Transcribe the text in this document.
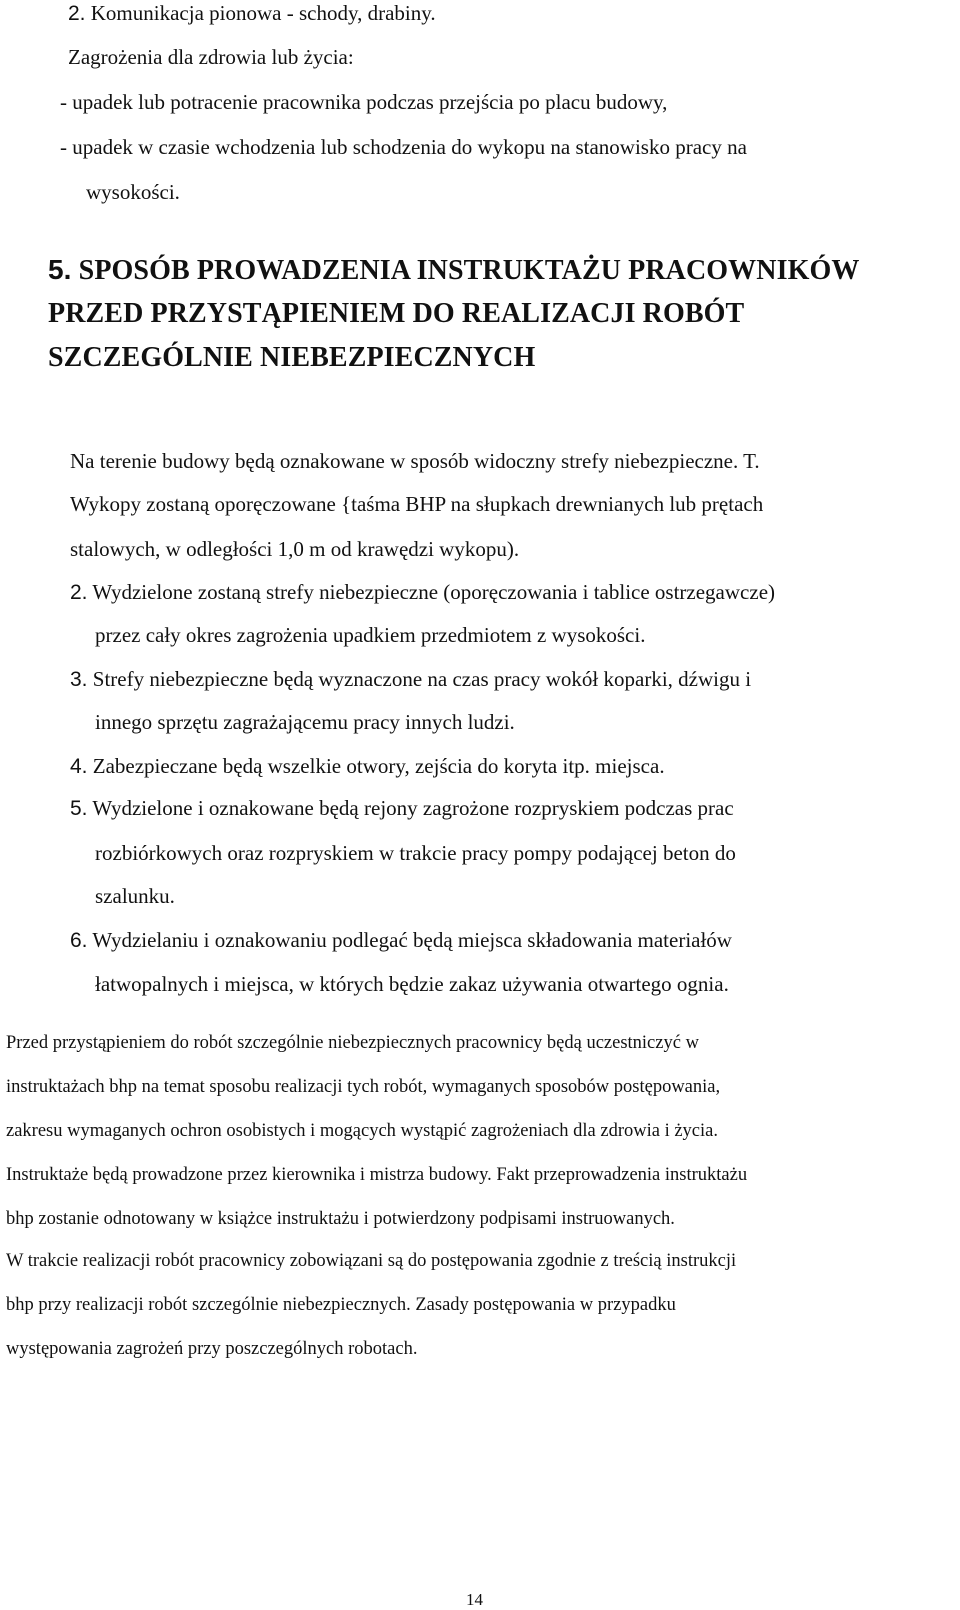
2. Komunikacja pionowa - schody, drabiny.
Zagrożenia dla zdrowia lub życia:
- upadek lub potracenie pracownika podczas przejścia po placu budowy,
- upadek w czasie wchodzenia lub schodzenia do wykopu na stanowisko pracy na
wysokości.
5. SPOSÓB PROWADZENIA INSTRUKTAŻU PRACOWNIKÓW
PRZED PRZYSTĄPIENIEM DO REALIZACJI ROBÓT
SZCZEGÓLNIE NIEBEZPIECZNYCH
Na terenie budowy będą oznakowane w sposób widoczny strefy niebezpieczne. T.
Wykopy zostaną oporęczowane {taśma BHP na słupkach drewnianych lub prętach
stalowych, w odległości 1,0 m od krawędzi wykopu).
2. Wydzielone zostaną strefy niebezpieczne (oporęczowania i tablice ostrzegawcze)
przez cały okres zagrożenia upadkiem przedmiotem z wysokości.
3. Strefy niebezpieczne będą wyznaczone na czas pracy wokół koparki, dźwigu i
innego sprzętu zagrażającemu pracy innych ludzi.
4. Zabezpieczane będą wszelkie otwory, zejścia do koryta itp. miejsca.
5. Wydzielone i oznakowane będą rejony zagrożone rozpryskiem podczas prac
rozbiórkowych oraz rozpryskiem w trakcie pracy pompy podającej beton do
szalunku.
6. Wydzielaniu i oznakowaniu podlegać będą miejsca składowania materiałów
łatwopalnych i miejsca, w których będzie zakaz używania otwartego ognia.
Przed przystąpieniem do robót szczególnie niebezpiecznych pracownicy będą uczestniczyć w
instruktażach bhp na temat sposobu realizacji tych robót, wymaganych sposobów postępowania,
zakresu wymaganych ochron osobistych i mogących wystąpić zagrożeniach dla zdrowia i życia.
Instruktaże będą prowadzone przez kierownika i mistrza budowy. Fakt przeprowadzenia instruktażu
bhp zostanie odnotowany w książce instruktażu i potwierdzony podpisami instruowanych.
W trakcie realizacji robót pracownicy zobowiązani są do postępowania zgodnie z treścią instrukcji
bhp przy realizacji robót szczególnie niebezpiecznych. Zasady postępowania w przypadku
występowania zagrożeń przy poszczególnych robotach.
14
